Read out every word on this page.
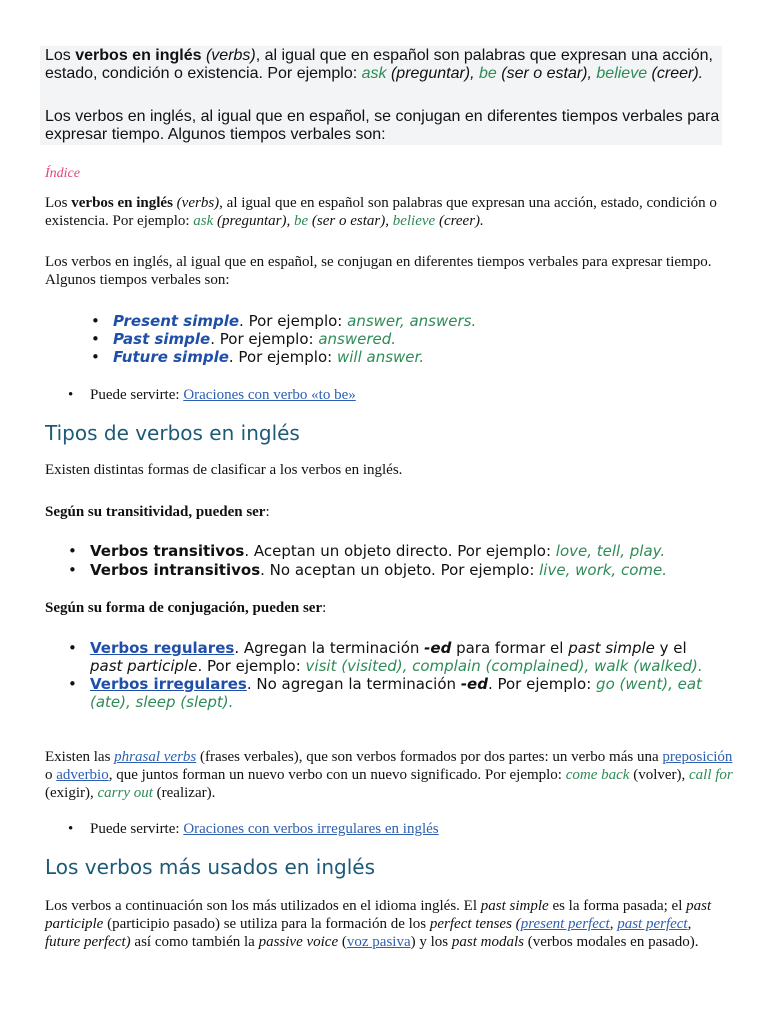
Los verbos en inglés (verbs), al igual que en español son palabras que expresan una acción, estado, condición o existencia. Por ejemplo: ask (preguntar), be (ser o estar), believe (creer).

Los verbos en inglés, al igual que en español, se conjugan en diferentes tiempos verbales para expresar tiempo. Algunos tiempos verbales son:

Índice

Los verbos en inglés (verbs), al igual que en español son palabras que expresan una acción, estado, condición o existencia. Por ejemplo: ask (preguntar), be (ser o estar), believe (creer).

Los verbos en inglés, al igual que en español, se conjugan en diferentes tiempos verbales para expresar tiempo. Algunos tiempos verbales son:

• Present simple. Por ejemplo: answer, answers.
• Past simple. Por ejemplo: answered.
• Future simple. Por ejemplo: will answer.
• Puede servirte: Oraciones con verbo «to be»
Tipos de verbos en inglés

Existen distintas formas de clasificar a los verbos en inglés.

Según su transitividad, pueden ser:

• Verbos transitivos. Aceptan un objeto directo. Por ejemplo: love, tell, play.
• Verbos intransitivos. No aceptan un objeto. Por ejemplo: live, work, come.

Según su forma de conjugación, pueden ser:

• Verbos regulares. Agregan la terminación -ed para formar el past simple y el past participle. Por ejemplo: visit (visited), complain (complained), walk (walked).
• Verbos irregulares. No agregan la terminación -ed. Por ejemplo: go (went), eat (ate), sleep (slept).

Existen las phrasal verbs (frases verbales), que son verbos formados por dos partes: un verbo más una preposición o adverbio, que juntos forman un nuevo verbo con un nuevo significado. Por ejemplo: come back (volver), call for (exigir), carry out (realizar).

• Puede servirte: Oraciones con verbos irregulares en inglés
Los verbos más usados en inglés

Los verbos a continuación son los más utilizados en el idioma inglés. El past simple es la forma pasada; el past participle (participio pasado) se utiliza para la formación de los perfect tenses (present perfect, past perfect, future perfect) así como también la passive voice (voz pasiva) y los past modals (verbos modales en pasado).
